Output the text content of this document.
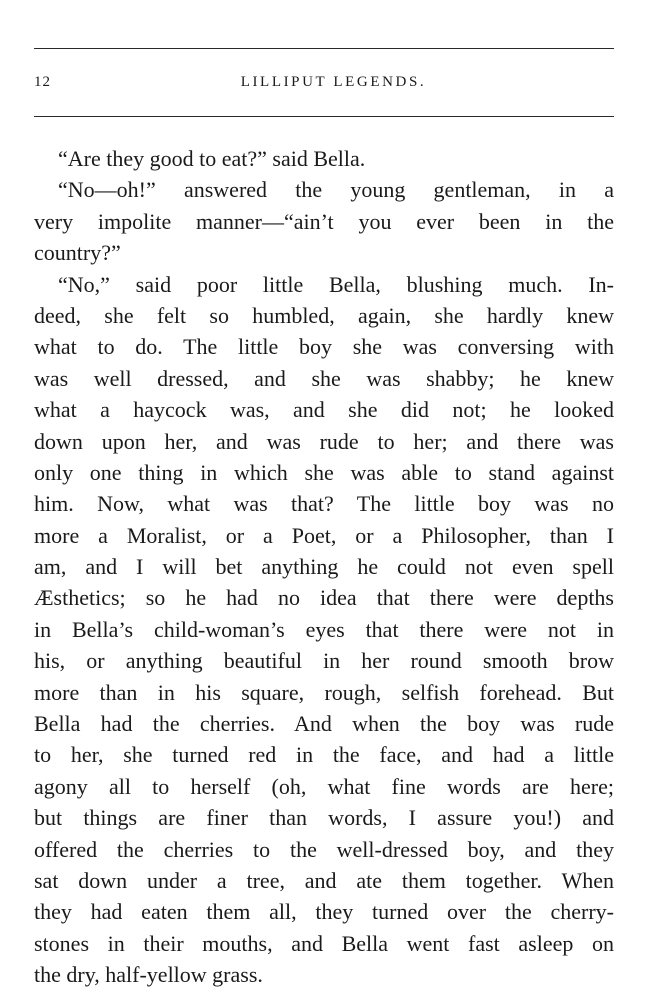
12	LILLIPUT LEGENDS.
“Are they good to eat?” said Bella.
“No—oh!” answered the young gentleman, in a
very impolite manner—“ain’t you ever been in the
country?”
“No,” said poor little Bella, blushing much. In-
deed, she felt so humbled, again, she hardly knew
what to do. The little boy she was conversing with
was well dressed, and she was shabby; he knew
what a haycock was, and she did not; he looked
down upon her, and was rude to her; and there was
only one thing in which she was able to stand against
him. Now, what was that? The little boy was no
more a Moralist, or a Poet, or a Philosopher, than I
am, and I will bet anything he could not even spell
Æsthetics; so he had no idea that there were depths
in Bella’s child-woman’s eyes that there were not in
his, or anything beautiful in her round smooth brow
more than in his square, rough, selfish forehead. But
Bella had the cherries. And when the boy was rude
to her, she turned red in the face, and had a little
agony all to herself (oh, what fine words are here;
but things are finer than words, I assure you!) and
offered the cherries to the well-dressed boy, and they
sat down under a tree, and ate them together. When
they had eaten them all, they turned over the cherry-
stones in their mouths, and Bella went fast asleep on
the dry, half-yellow grass.
